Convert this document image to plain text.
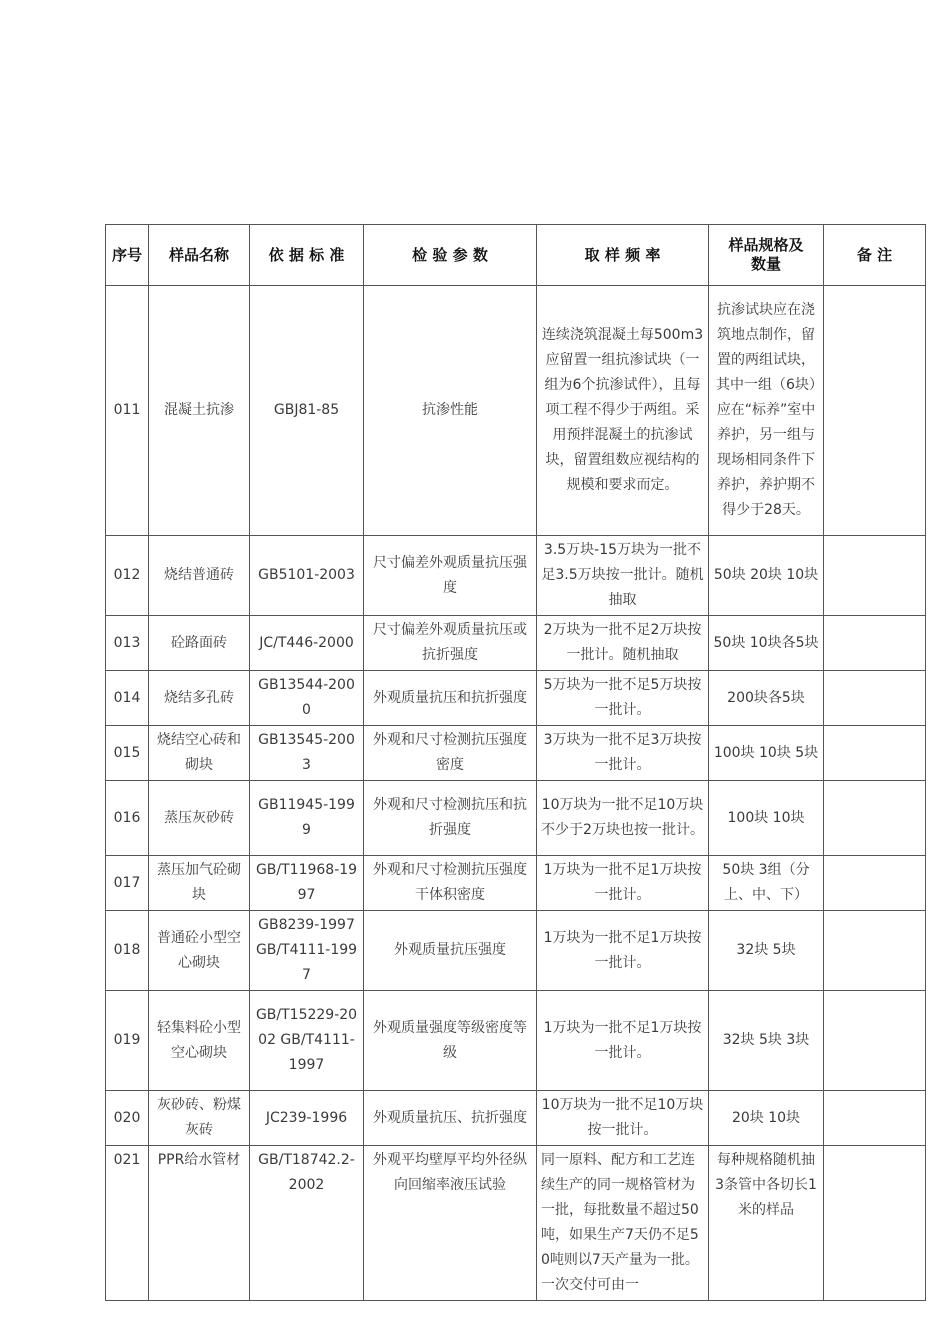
序号	样品名称	依 据 标 准	检 验 参 数	取 样 频 率	样品规格及数量	备 注
011	混凝土抗渗	GBJ81-85	抗渗性能	连续浇筑混凝土每500m3应留置一组抗渗试块（一组为6个抗渗试件），且每项工程不得少于两组。采用预拌混凝土的抗渗试块，留置组数应视结构的规模和要求而定。	抗渗试块应在浇筑地点制作，留置的两组试块，其中一组（6块）应在“标养”室中养护，另一组与现场相同条件下养护，养护期不得少于28天。	
012	烧结普通砖	GB5101-2003	尺寸偏差外观质量抗压强度	3.5万块-15万块为一批不足3.5万块按一批计。随机抽取	50块 20块 10块	
013	砼路面砖	JC/T446-2000	尺寸偏差外观质量抗压或抗折强度	2万块为一批不足2万块按一批计。随机抽取	50块 10块各5块	
014	烧结多孔砖	GB13544-2000	外观质量抗压和抗折强度	5万块为一批不足5万块按一批计。	200块各5块	
015	烧结空心砖和砌块	GB13545-2003	外观和尺寸检测抗压强度密度	3万块为一批不足3万块按一批计。	100块 10块 5块	
016	蒸压灰砂砖	GB11945-1999	外观和尺寸检测抗压和抗折强度	10万块为一批不足10万块不少于2万块也按一批计。	100块 10块	
017	蒸压加气砼砌块	GB/T11968-1997	外观和尺寸检测抗压强度干体积密度	1万块为一批不足1万块按一批计。	50块 3组（分上、中、下）	
018	普通砼小型空心砌块	GB8239-1997 GB/T4111-1997	外观质量抗压强度	1万块为一批不足1万块按一批计。	32块 5块	
019	轻集料砼小型空心砌块	GB/T15229-2002 GB/T4111-1997	外观质量强度等级密度等级	1万块为一批不足1万块按一批计。	32块 5块 3块	
020	灰砂砖、粉煤灰砖	JC239-1996	外观质量抗压、抗折强度	10万块为一批不足10万块按一批计。	20块 10块	
021	PPR给水管材	GB/T18742.2-2002	外观平均壁厚平均外径纵向回缩率液压试验	同一原料、配方和工艺连续生产的同一规格管材为一批，每批数量不超过50吨，如果生产7天仍不足50吨则以7天产量为一批。一次交付可由一	每种规格随机抽3条管中各切长1米的样品	
